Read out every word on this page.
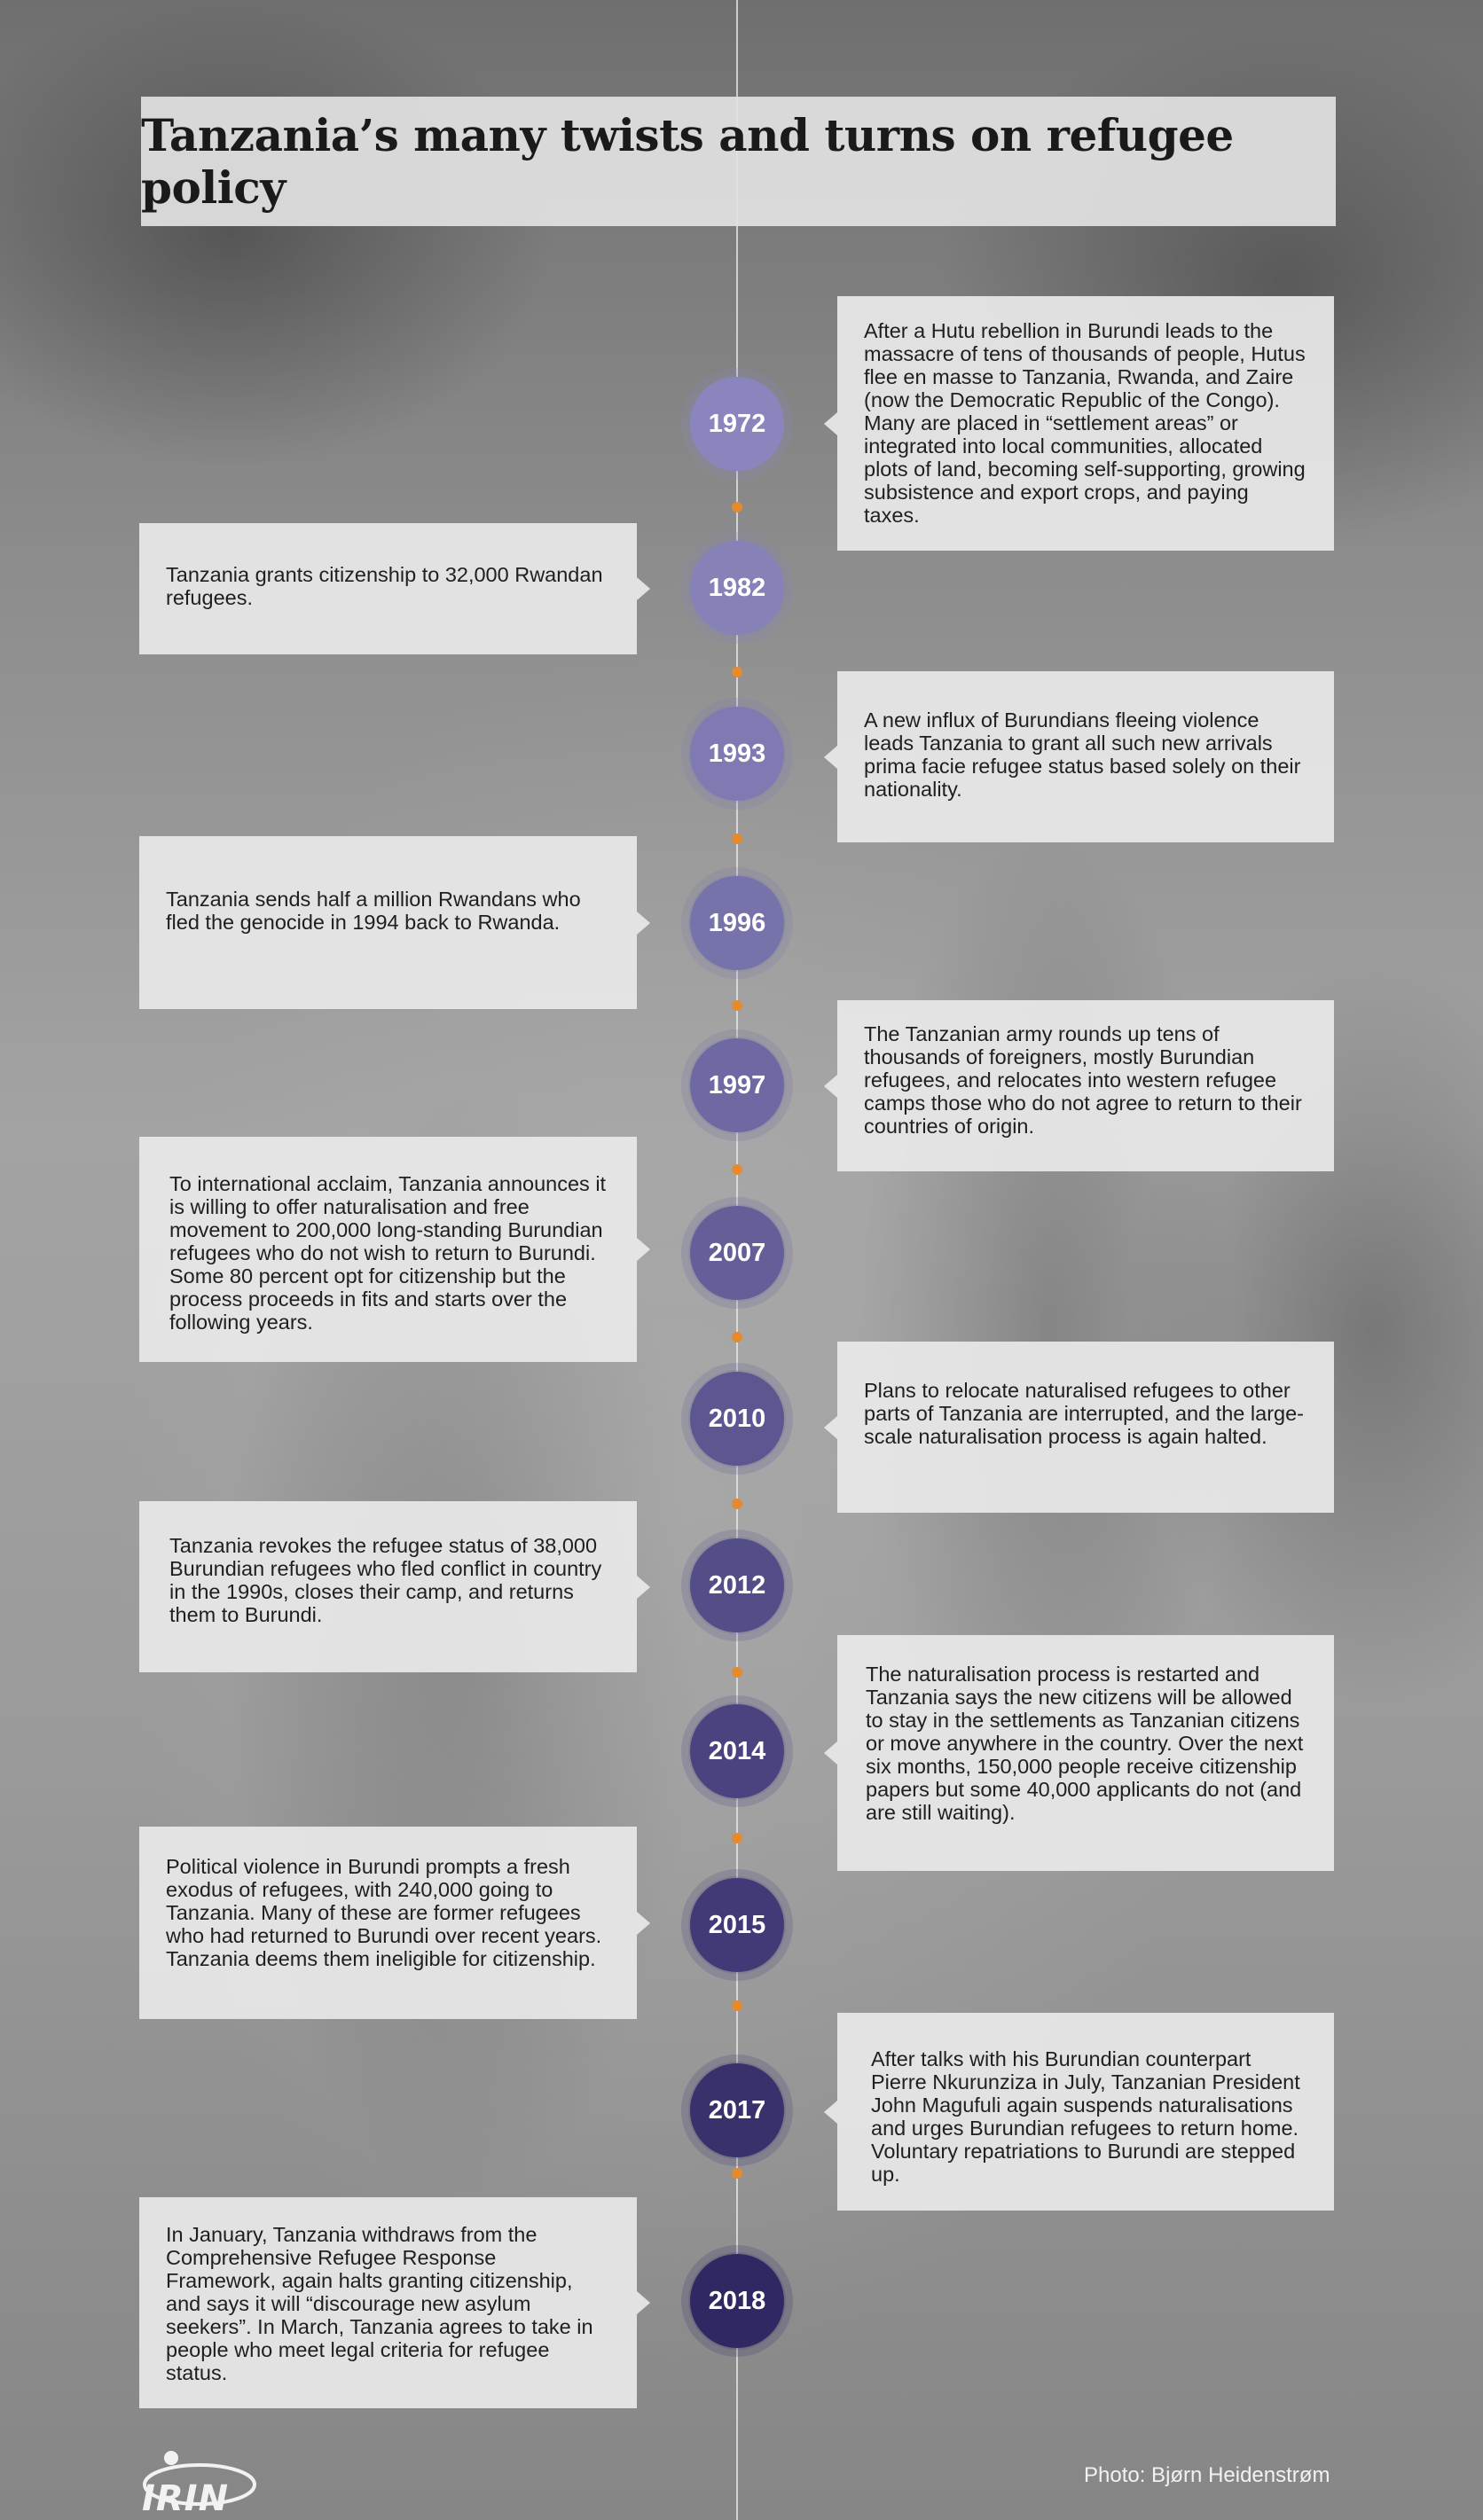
Tanzania’s many twists and turns on refugee policy
After a Hutu rebellion in Burundi leads to the massacre of tens of thousands of people, Hutus flee en masse to Tanzania, Rwanda, and Zaire (now the Democratic Republic of the Congo). Many are placed in “settlement areas” or integrated into local communities, allocated plots of land, becoming self-supporting, growing subsistence and export crops, and paying taxes.
1972
Tanzania grants citizenship to 32,000 Rwandan refugees.	1982
A new influx of Burundians fleeing violence leads Tanzania to grant all such new arrivals prima facie refugee status based solely on their nationality.
1993
Tanzania sends half a million Rwandans who fled the genocide in 1994 back to Rwanda.	1996
The Tanzanian army rounds up tens of thousands of foreigners, mostly Burundian refugees, and relocates into western refugee camps those who do not agree to return to their countries of origin.
1997
To international acclaim, Tanzania announces it is willing to offer naturalisation and free movement to 200,000 long-standing Burundian refugees who do not wish to return to Burundi. Some 80 percent opt for citizenship but the process proceeds in fits and starts over the following years.
2007
Plans to relocate naturalised refugees to other parts of Tanzania are interrupted, and the large-scale naturalisation process is again halted.
2010
Tanzania revokes the refugee status of 38,000 Burundian refugees who fled conflict in country in the 1990s, closes their camp, and returns them to Burundi.
2012
The naturalisation process is restarted and Tanzania says the new citizens will be allowed to stay in the settlements as Tanzanian citizens or move anywhere in the country. Over the next six months, 150,000 people receive citizenship papers but some 40,000 applicants do not (and are still waiting).
2014
Political violence in Burundi prompts a fresh exodus of refugees, with 240,000 going to Tanzania. Many of these are former refugees who had returned to Burundi over recent years. Tanzania deems them ineligible for citizenship.
2015
After talks with his Burundian counterpart Pierre Nkurunziza in July, Tanzanian President John Magufuli again suspends naturalisations and urges Burundian refugees to return home. Voluntary repatriations to Burundi are stepped up.
2017
In January, Tanzania withdraws from the Comprehensive Refugee Response Framework, again halts granting citizenship, and says it will “discourage new asylum seekers”. In March, Tanzania agrees to take in people who meet legal criteria for refugee status.
2018
IRIN
Photo: Bjørn Heidenstrøm
